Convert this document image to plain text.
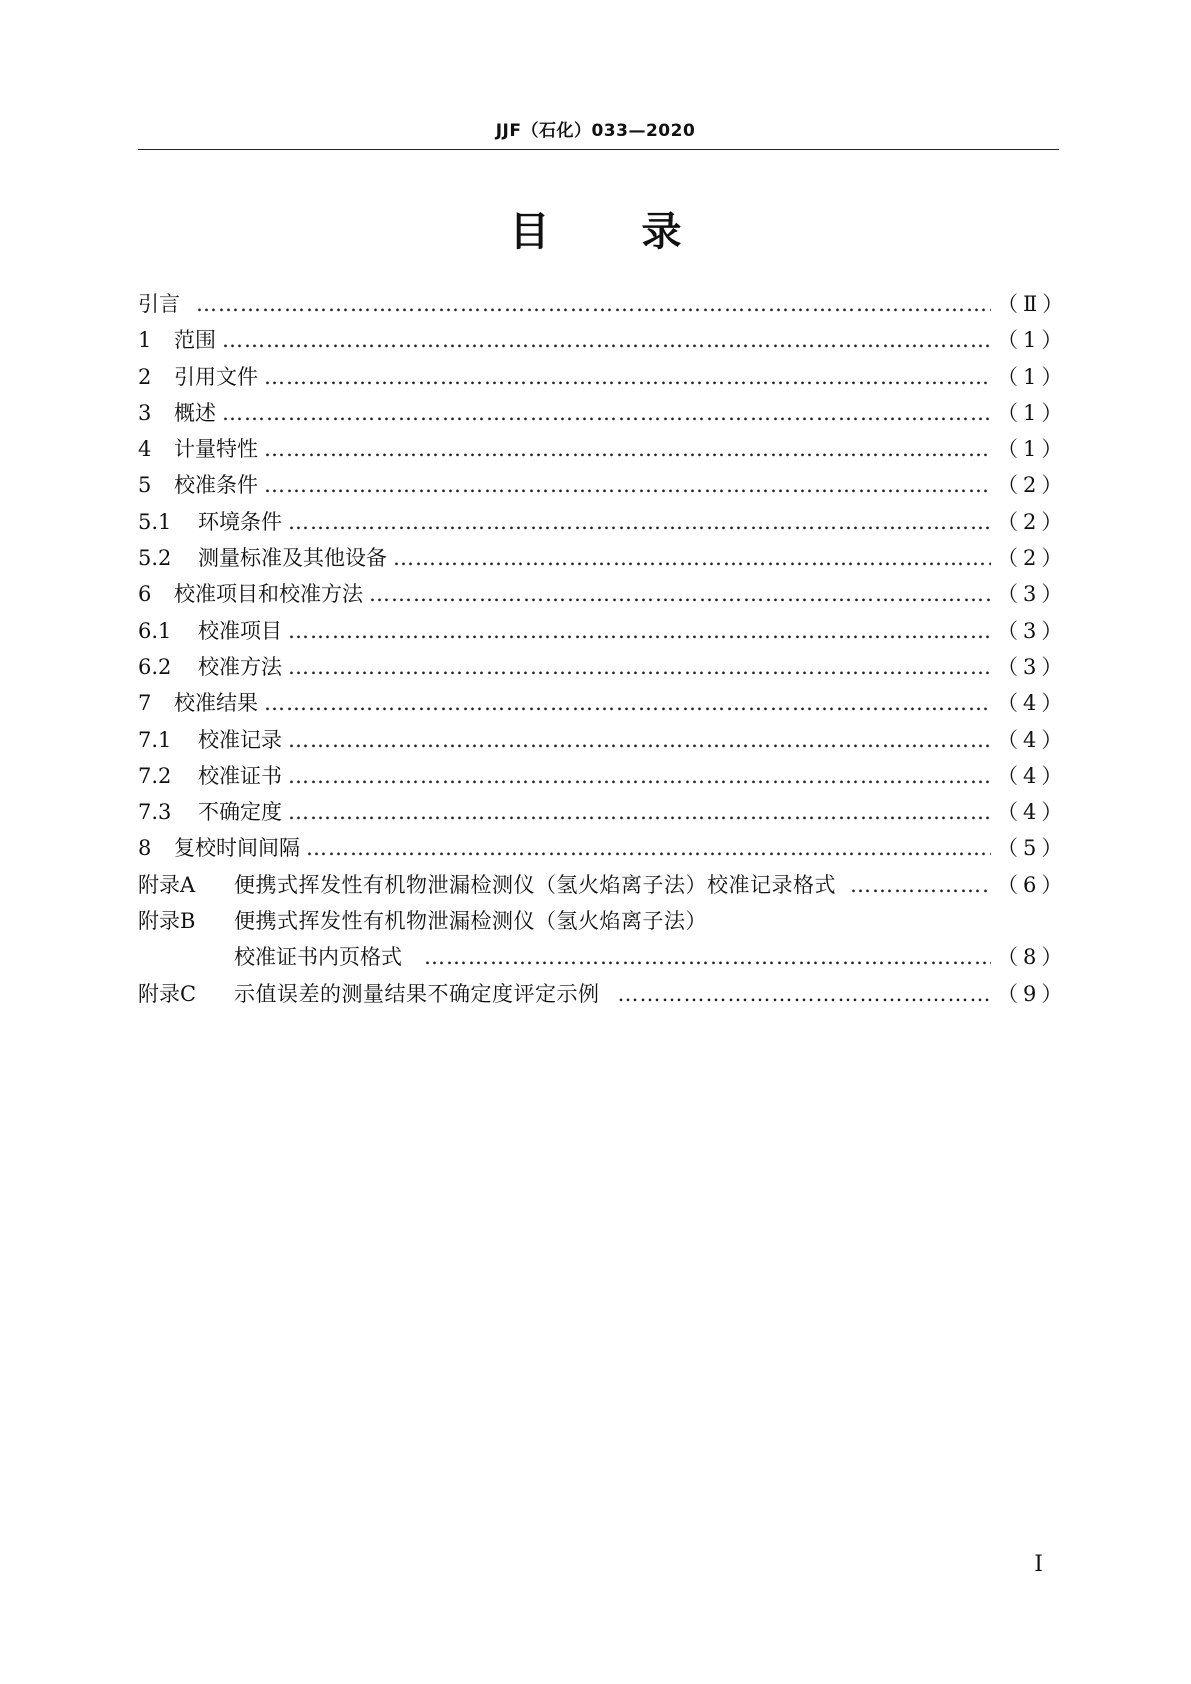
JJF（石化）033—2020
目 录
引言 ……………………………………………………………………………………………………………………………………………………………………………………………………	（Ⅱ）
1	范围 ……………………………………………………………………………………………………………………………………………………………………………………………………	（1）
2	引用文件 ……………………………………………………………………………………………………………………………………………………………………………………………………	（1）
3	概述 ……………………………………………………………………………………………………………………………………………………………………………………………………	（1）
4	计量特性 ……………………………………………………………………………………………………………………………………………………………………………………………………	（1）
5	校准条件 ……………………………………………………………………………………………………………………………………………………………………………………………………	（2）
5.1	环境条件 ……………………………………………………………………………………………………………………………………………………………………………………………………	（2）
5.2	测量标准及其他设备 ……………………………………………………………………………………………………………………………………………………………………………………………………	（2）
6	校准项目和校准方法 ……………………………………………………………………………………………………………………………………………………………………………………………………	（3）
6.1	校准项目 ……………………………………………………………………………………………………………………………………………………………………………………………………	（3）
6.2	校准方法 ……………………………………………………………………………………………………………………………………………………………………………………………………	（3）
7	校准结果 ……………………………………………………………………………………………………………………………………………………………………………………………………	（4）
7.1	校准记录 ……………………………………………………………………………………………………………………………………………………………………………………………………	（4）
7.2	校准证书 ……………………………………………………………………………………………………………………………………………………………………………………………………	（4）
7.3	不确定度 ……………………………………………………………………………………………………………………………………………………………………………………………………	（4）
8	复校时间间隔 ……………………………………………………………………………………………………………………………………………………………………………………………………	（5）
附录A	便携式挥发性有机物泄漏检测仪（氢火焰离子法）校准记录格式 ……………………………………………………………………………………………………………………………………………………………………………………………………	（6）
附录B	便携式挥发性有机物泄漏检测仪（氢火焰离子法）
校准证书内页格式 ……………………………………………………………………………………………………………………………………………………………………………………………………	（8）
附录C	示值误差的测量结果不确定度评定示例 ……………………………………………………………………………………………………………………………………………………………………………………………………	（9）
Ⅰ
